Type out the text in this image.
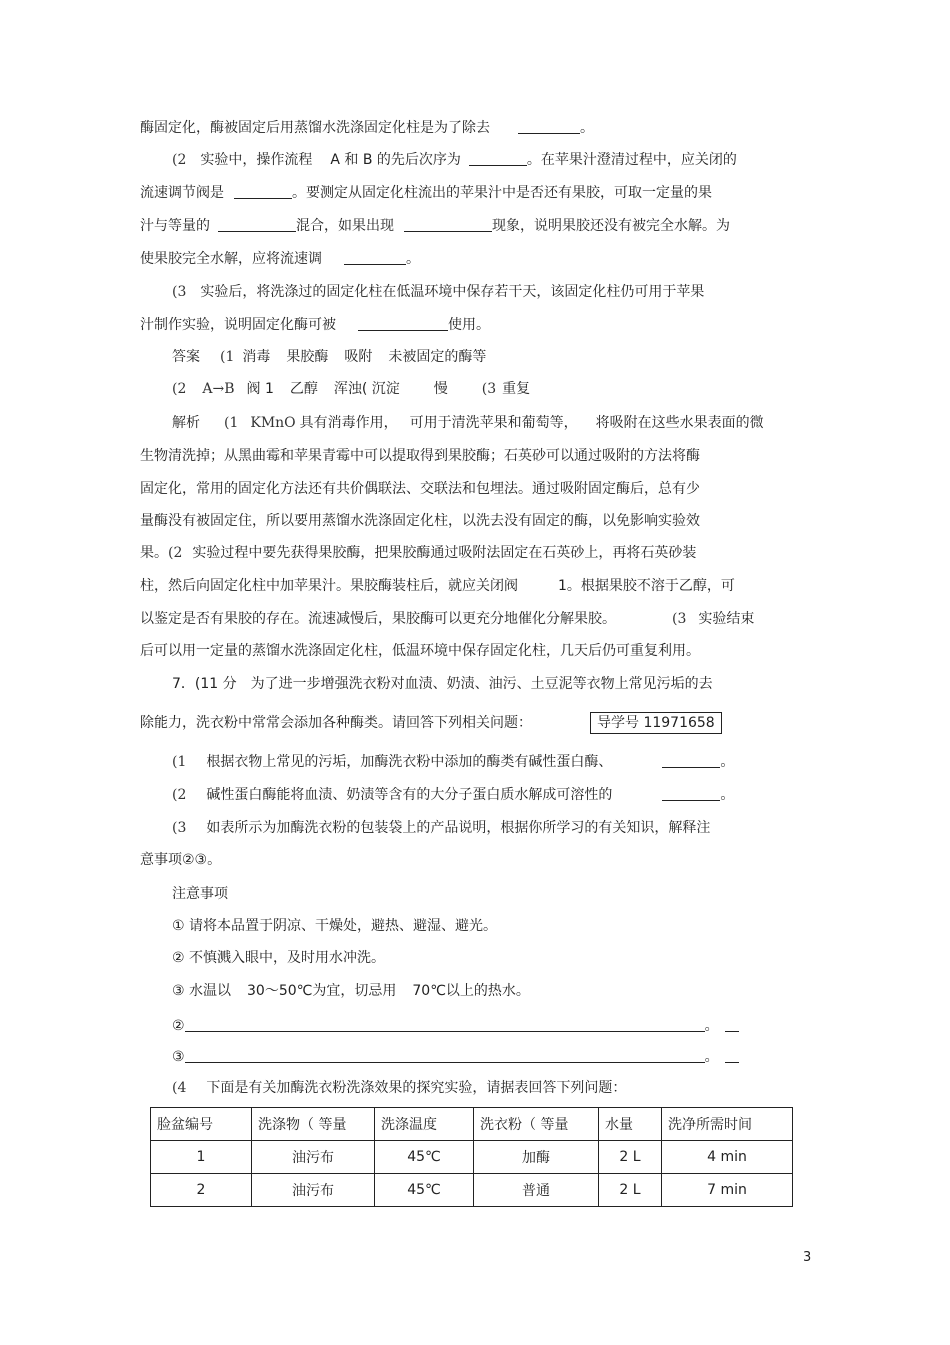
酶固定化，酶被固定后用蒸馏水洗涤固定化柱是为了除去	。
(2 实验中，操作流程 A 和 B 的先后次序为	。在苹果汁澄清过程中，应关闭的
流速调节阀是	。要测定从固定化柱流出的苹果汁中是否还有果胶，可取一定量的果
汁与等量的	混合，如果出现	现象，说明果胶还没有被完全水解。为
使果胶完全水解，应将流速调	。
(3 实验后，将洗涤过的固定化柱在低温环境中保存若干天，该固定化柱仍可用于苹果
汁制作实验，说明固定化酶可被	使用。
答案 (1 消毒 果胶酶 吸附 未被固定的酶等
(2 A→B 阀 1 乙醇 浑浊( 沉淀 慢 (3 重复
解析 (1 KMnO 具有消毒作用， 可用于清洗苹果和葡萄等， 将吸附在这些水果表面的微
生物清洗掉；从黑曲霉和苹果青霉中可以提取得到果胶酶；石英砂可以通过吸附的方法将酶
固定化，常用的固定化方法还有共价偶联法、交联法和包埋法。通过吸附固定酶后，总有少
量酶没有被固定住，所以要用蒸馏水洗涤固定化柱，以洗去没有固定的酶，以免影响实验效
果。(2 实验过程中要先获得果胶酶，把果胶酶通过吸附法固定在石英砂上，再将石英砂装
柱，然后向固定化柱中加苹果汁。果胶酶装柱后，就应关闭阀	1。根据果胶不溶于乙醇，可
以鉴定是否有果胶的存在。流速减慢后，果胶酶可以更充分地催化分解果胶。	(3 实验结束
后可以用一定量的蒸馏水洗涤固定化柱，低温环境中保存固定化柱，几天后仍可重复利用。
7．(11 分 为了进一步增强洗衣粉对血渍、奶渍、油污、土豆泥等衣物上常见污垢的去
除能力，洗衣粉中常常会添加各种酶类。请回答下列相关问题：	导学号 11971658
(1 根据衣物上常见的污垢，加酶洗衣粉中添加的酶类有碱性蛋白酶、	。
(2 碱性蛋白酶能将血渍、奶渍等含有的大分子蛋白质水解成可溶性的	。
(3 如表所示为加酶洗衣粉的包装袋上的产品说明，根据你所学习的有关知识，解释注
意事项②③。
注意事项
① 请将本品置于阴凉、干燥处，避热、避湿、避光。
② 不慎溅入眼中，及时用水冲洗。
③ 水温以 30～50℃为宜，切忌用 70℃以上的热水。
②	。
③	。
(4 下面是有关加酶洗衣粉洗涤效果的探究实验，请据表回答下列问题：
脸盆编号	洗涤物（ 等量	洗涤温度	洗衣粉（ 等量	水量	洗净所需时间
1	油污布	45℃	加酶	2 L	4 min
2	油污布	45℃	普通	2 L	7 min
3
